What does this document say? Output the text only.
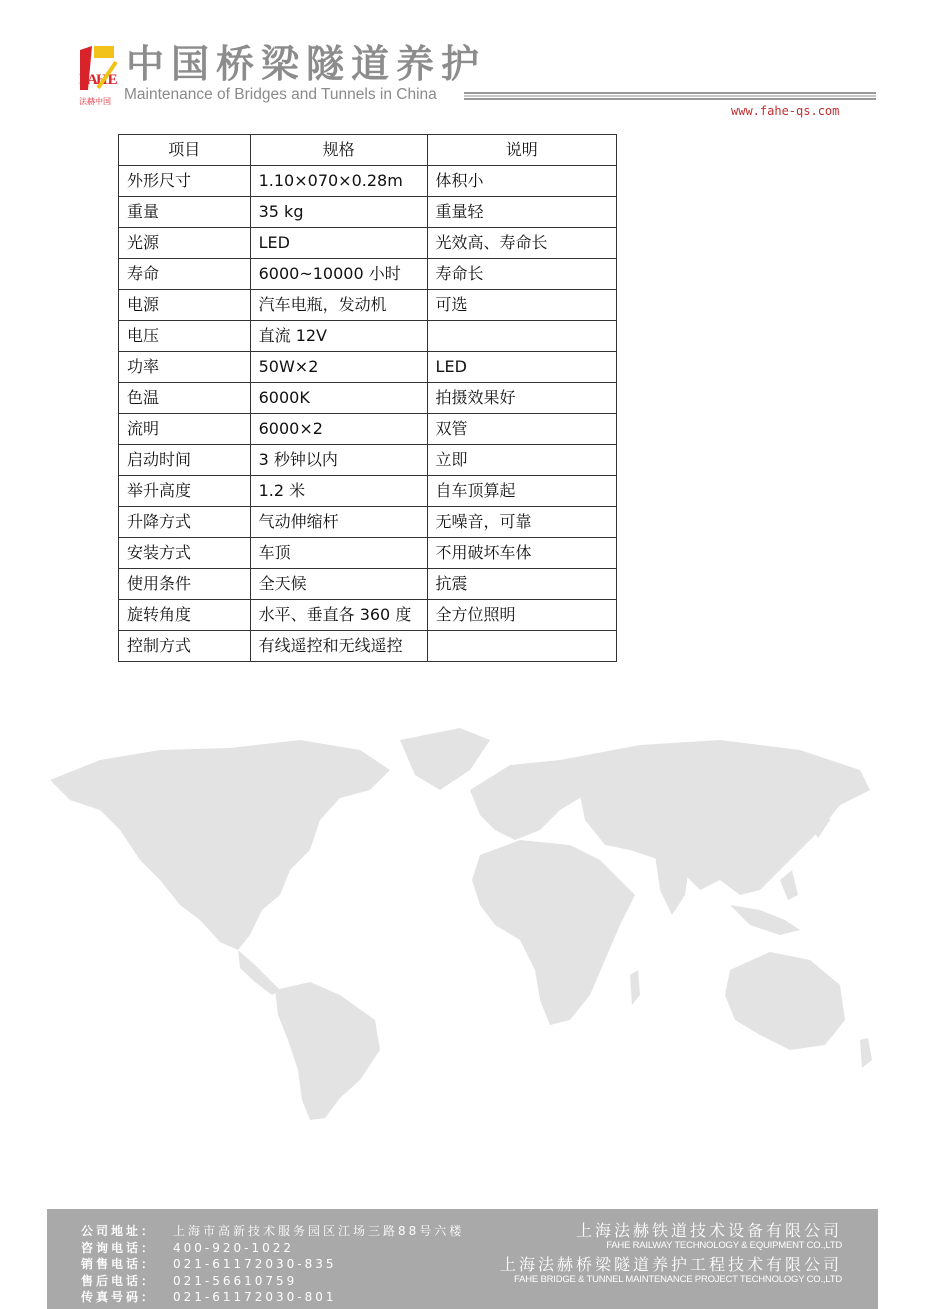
FA
HE
法赫中国
中国桥梁隧道养护
Maintenance of Bridges and Tunnels in China
www.fahe-qs.com
项目	规格	说明
外形尺寸	1.10×070×0.28m	体积小
重量	35 kg	重量轻
光源	LED	光效高、寿命长
寿命	6000~10000 小时	寿命长
电源	汽车电瓶，发动机	可选
电压	直流 12V	
功率	50W×2	LED
色温	6000K	拍摄效果好
流明	6000×2	双管
启动时间	3 秒钟以内	立即
举升高度	1.2 米	自车顶算起
升降方式	气动伸缩杆	无噪音，可靠
安装方式	车顶	不用破坏车体
使用条件	全天候	抗震
旋转角度	水平、垂直各 360 度	全方位照明
控制方式	有线遥控和无线遥控	
公司地址： 上海市高新技术服务园区江场三路88号六楼
咨询电话： 400-920-1022
销售电话： 021-61172030-835
售后电话： 021-56610759
传真号码： 021-61172030-801
上海法赫铁道技术设备有限公司
FAHE RAILWAY TECHNOLOGY & EQUIPMENT CO.,LTD
上海法赫桥梁隧道养护工程技术有限公司
FAHE BRIDGE & TUNNEL MAINTENANCE PROJECT TECHNOLOGY CO.,LTD
